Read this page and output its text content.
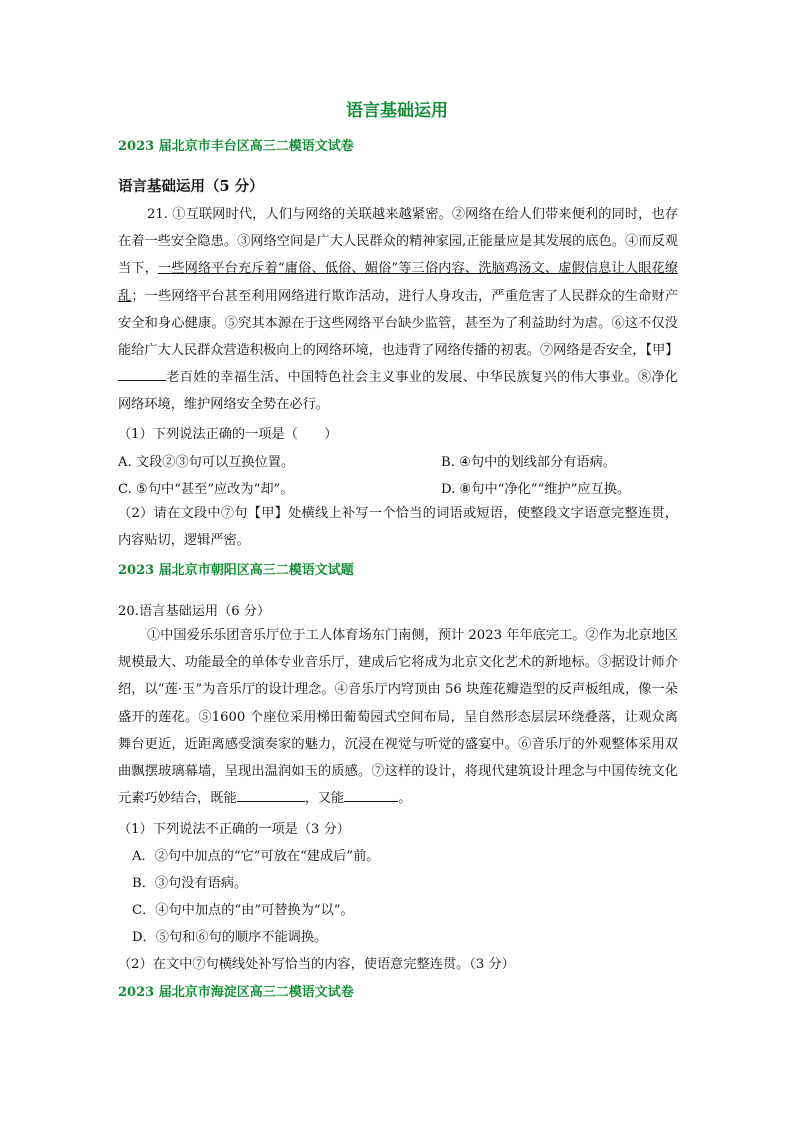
语言基础运用
2023 届北京市丰台区高三二模语文试卷
语言基础运用（5 分）
21. ①互联网时代，人们与网络的关联越来越紧密。②网络在给人们带来便利的同时，也存在着一些安全隐患。③网络空间是广大人民群众的精神家园,正能量应是其发展的底色。④而反观当下，一些网络平台充斥着“庸俗、低俗、媚俗”等三俗内容、洗脑鸡汤文、虚假信息让人眼花缭乱；一些网络平台甚至利用网络进行欺诈活动，进行人身攻击，严重危害了人民群众的生命财产安全和身心健康。⑤究其本源在于这些网络平台缺少监管，甚至为了利益助纣为虐。⑥这不仅没能给广大人民群众营造积极向上的网络环境，也违背了网络传播的初衷。⑦网络是否安全，【甲】老百姓的幸福生活、中国特色社会主义事业的发展、中华民族复兴的伟大事业。⑧净化网络环境，维护网络安全势在必行。
（1）下列说法正确的一项是（　　）
A. 文段②③句可以互换位置。	B. ④句中的划线部分有语病。
C. ⑤句中“甚至”应改为“却”。	D. ⑧句中“净化”“维护”应互换。
（2）请在文段中⑦句【甲】处横线上补写一个恰当的词语或短语，使整段文字语意完整连贯，内容贴切，逻辑严密。
2023 届北京市朝阳区高三二模语文试题
20.语言基础运用（6 分）
①中国爱乐乐团音乐厅位于工人体育场东门南侧，预计 2023 年年底完工。②作为北京地区规模最大、功能最全的单体专业音乐厅，建成后它将成为北京文化艺术的新地标。③据设计师介绍，以“莲·玉”为音乐厅的设计理念。④音乐厅内穹顶由 56 块莲花瓣造型的反声板组成，像一朵盛开的莲花。⑤1600 个座位采用梯田葡萄园式空间布局，呈自然形态层层环绕叠落，让观众离舞台更近，近距离感受演奏家的魅力，沉浸在视觉与听觉的盛宴中。⑥音乐厅的外观整体采用双曲飘摆玻璃幕墙，呈现出温润如玉的质感。⑦这样的设计，将现代建筑设计理念与中国传统文化元素巧妙结合，既能	，又能	。
（1）下列说法不正确的一项是（3 分）
A．②句中加点的“它”可放在“建成后”前。
B．③句没有语病。
C．④句中加点的“由”可替换为“以”。
D．⑤句和⑥句的顺序不能调换。
（2）在文中⑦句横线处补写恰当的内容，使语意完整连贯。（3 分）
2023 届北京市海淀区高三二模语文试卷
